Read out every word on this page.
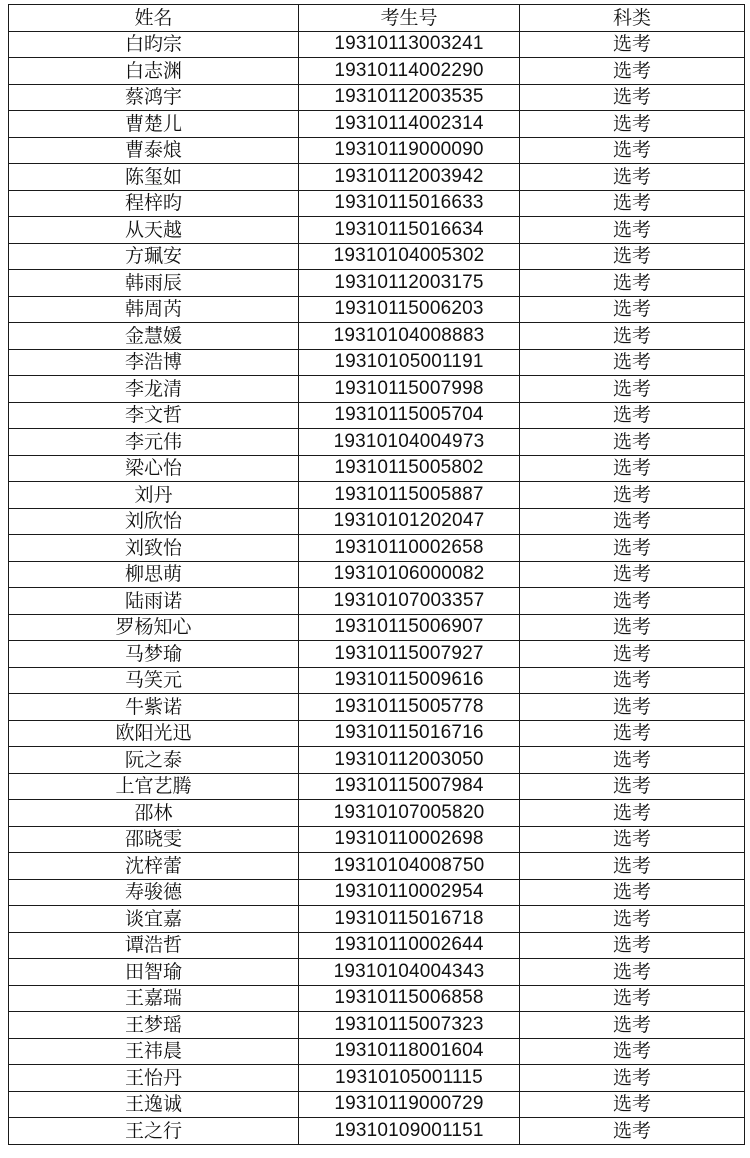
姓名	考生号	科类
白昀宗	19310113003241	选考
白志渊	19310114002290	选考
蔡鸿宇	19310112003535	选考
曹楚儿	19310114002314	选考
曹泰烺	19310119000090	选考
陈玺如	19310112003942	选考
程梓昀	19310115016633	选考
从天越	19310115016634	选考
方珮安	19310104005302	选考
韩雨辰	19310112003175	选考
韩周芮	19310115006203	选考
金慧媛	19310104008883	选考
李浩博	19310105001191	选考
李龙清	19310115007998	选考
李文哲	19310115005704	选考
李元伟	19310104004973	选考
梁心怡	19310115005802	选考
刘丹	19310115005887	选考
刘欣怡	19310101202047	选考
刘致怡	19310110002658	选考
柳思萌	19310106000082	选考
陆雨诺	19310107003357	选考
罗杨知心	19310115006907	选考
马梦瑜	19310115007927	选考
马笑元	19310115009616	选考
牛紫诺	19310115005778	选考
欧阳光迅	19310115016716	选考
阮之泰	19310112003050	选考
上官艺腾	19310115007984	选考
邵林	19310107005820	选考
邵晓雯	19310110002698	选考
沈梓蕾	19310104008750	选考
寿骏德	19310110002954	选考
谈宜嘉	19310115016718	选考
谭浩哲	19310110002644	选考
田智瑜	19310104004343	选考
王嘉瑞	19310115006858	选考
王梦瑶	19310115007323	选考
王祎晨	19310118001604	选考
王怡丹	19310105001115	选考
王逸诚	19310119000729	选考
王之行	19310109001151	选考
